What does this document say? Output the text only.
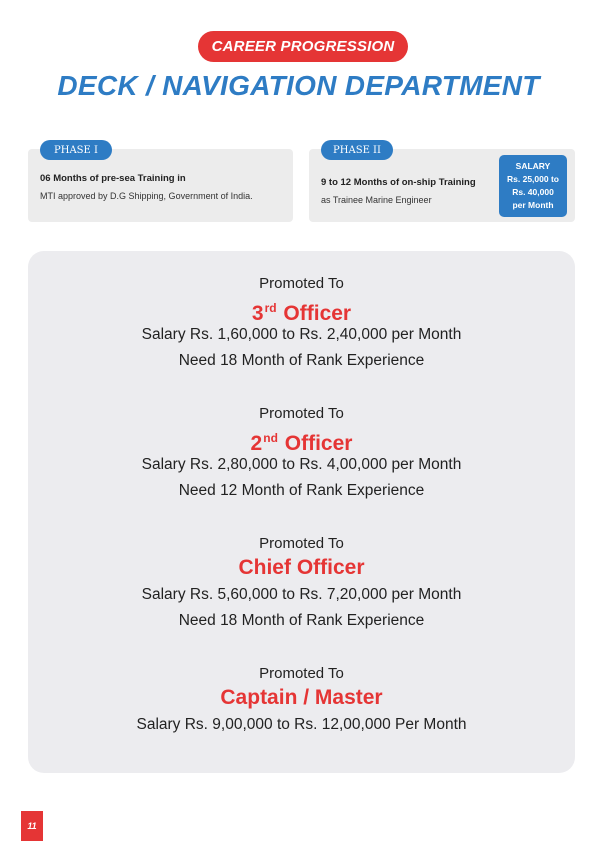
CAREER PROGRESSION
DECK / NAVIGATION DEPARTMENT
PHASE I
06 Months of pre-sea Training in
MTI approved by D.G Shipping, Government of India.
PHASE II
9 to 12 Months of on-ship Training
as Trainee Marine Engineer
SALARY
Rs. 25,000 to
Rs. 40,000
per Month
Promoted To
3rd Officer
Salary Rs. 1,60,000 to Rs. 2,40,000 per Month
Need 18 Month of Rank Experience
Promoted To
2nd Officer
Salary Rs. 2,80,000 to Rs. 4,00,000 per Month
Need 12 Month of Rank Experience
Promoted To
Chief Officer
Salary Rs. 5,60,000 to Rs. 7,20,000 per Month
Need 18 Month of Rank Experience
Promoted To
Captain / Master
Salary Rs. 9,00,000 to Rs. 12,00,000 Per Month
11
